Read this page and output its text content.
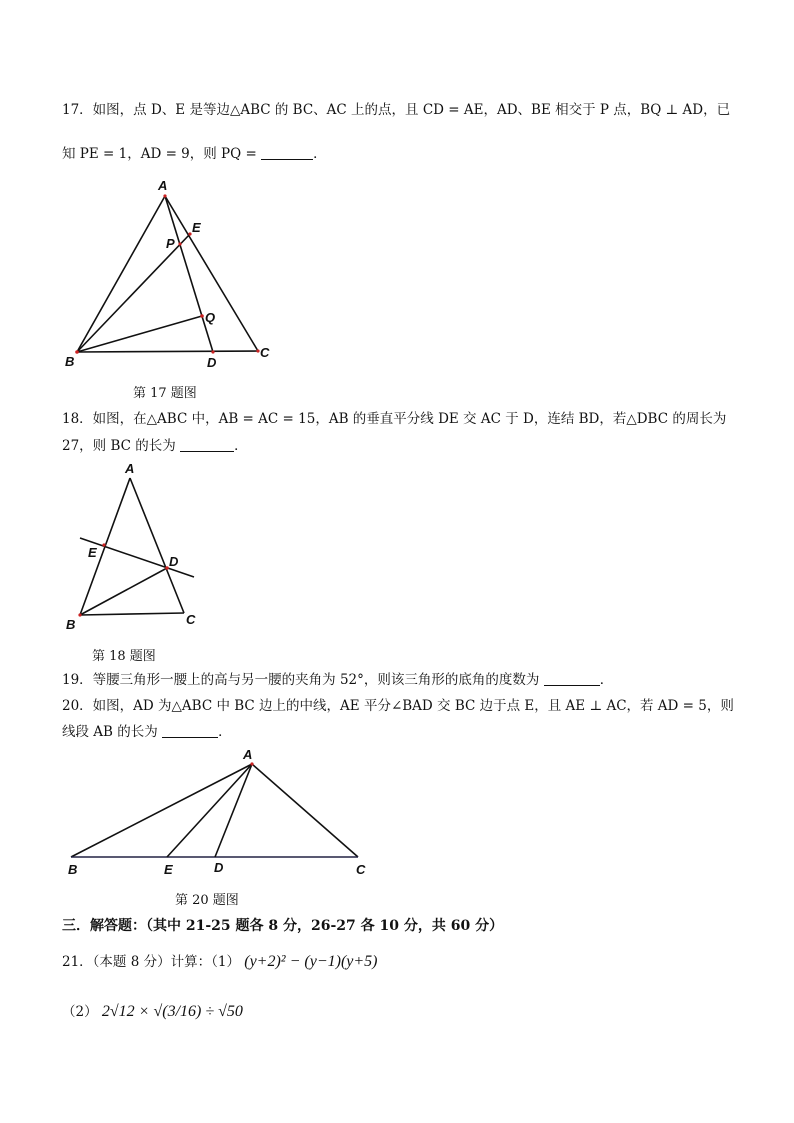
17．如图，点 D、E 是等边△ABC 的 BC、AC 上的点，且 CD = AE，AD、BE 相交于 P 点，BQ ⊥ AD，已
知 PE = 1，AD = 9，则 PQ =	．
A
B
C
D
E
P
Q
第 17 题图
18．如图，在△ABC 中，AB = AC = 15，AB 的垂直平分线 DE 交 AC 于 D，连结 BD，若△DBC 的周长为
27，则 BC 的长为	．
A
B	C
D
E
第 18 题图
19．等腰三角形一腰上的高与另一腰的夹角为 52°，则该三角形的底角的度数为	．
20．如图，AD 为△ABC 中 BC 边上的中线，AE 平分∠BAD 交 BC 边于点 E，且 AE ⊥ AC，若 AD = 5，则
线段 AB 的长为	．
A
B	C
D
E
第 20 题图
三．解答题：（其中 21-25 题各 8 分，26-27 各 10 分，共 60 分）
21．（本题 8 分）计算：（1） (y+2)² − (y−1)(y+5)
（2） 2√12 × √(3/16) ÷ √50
